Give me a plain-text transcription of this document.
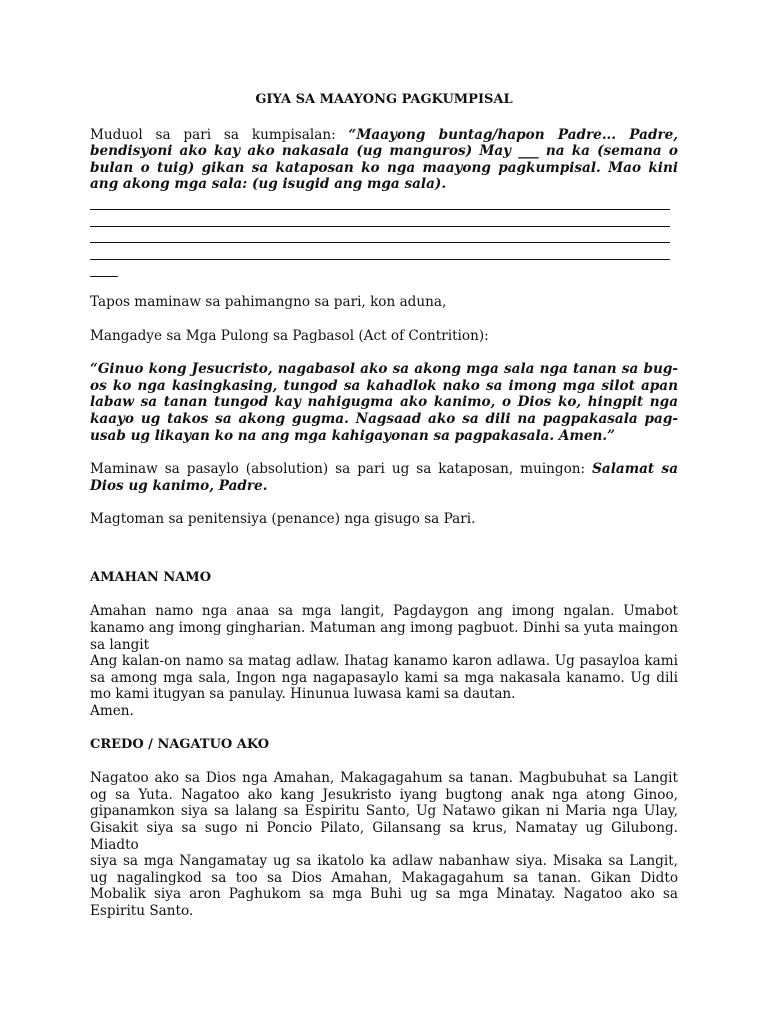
GIYA SA MAAYONG PAGKUMPISAL

Muduol sa pari sa kumpisalan: “Maayong buntag/hapon Padre... Padre, bendisyoni ako kay ako nakasala (ug manguros) May ___ na ka (semana o bulan o tuig) gikan sa kataposan ko nga maayong pagkumpisal. Mao kini ang akong mga sala: (ug isugid ang mga sala).

Tapos maminaw sa pahimangno sa pari, kon aduna,

Mangadye sa Mga Pulong sa Pagbasol (Act of Contrition):

“Ginuo kong Jesucristo, nagabasol ako sa akong mga sala nga tanan sa bug-os ko nga kasingkasing, tungod sa kahadlok nako sa imong mga silot apan labaw sa tanan tungod kay nahigugma ako kanimo, o Dios ko, hingpit nga kaayo ug takos sa akong gugma. Nagsaad ako sa dili na pagpakasala pag-usab ug likayan ko na ang mga kahigayonan sa pagpakasala. Amen.”

Maminaw sa pasaylo (absolution) sa pari ug sa kataposan, muingon: Salamat sa Dios ug kanimo, Padre.

Magtoman sa penitensiya (penance) nga gisugo sa Pari.

AMAHAN NAMO

Amahan namo nga anaa sa mga langit, Pagdaygon ang imong ngalan. Umabot kanamo ang imong gingharian. Matuman ang imong pagbuot. Dinhi sa yuta maingon sa langit

Ang kalan-on namo sa matag adlaw. Ihatag kanamo karon adlawa. Ug pasayloa kami sa among mga sala, Ingon nga nagapasaylo kami sa mga nakasala kanamo. Ug dili mo kami itugyan sa panulay. Hinunua luwasa kami sa dautan.

Amen.

CREDO / NAGATUO AKO

Nagatoo ako sa Dios nga Amahan, Makagagahum sa tanan. Magbubuhat sa Langit og sa Yuta. Nagatoo ako kang Jesukristo iyang bugtong anak nga atong Ginoo, gipanamkon siya sa lalang sa Espiritu Santo, Ug Natawo gikan ni Maria nga Ulay, Gisakit siya sa sugo ni Poncio Pilato, Gilansang sa krus, Namatay ug Gilubong. Miadto

siya sa mga Nangamatay ug sa ikatolo ka adlaw nabanhaw siya. Misaka sa Langit, ug nagalingkod sa too sa Dios Amahan, Makagagahum sa tanan. Gikan Didto Mobalik siya aron Paghukom sa mga Buhi ug sa mga Minatay. Nagatoo ako sa Espiritu Santo.
